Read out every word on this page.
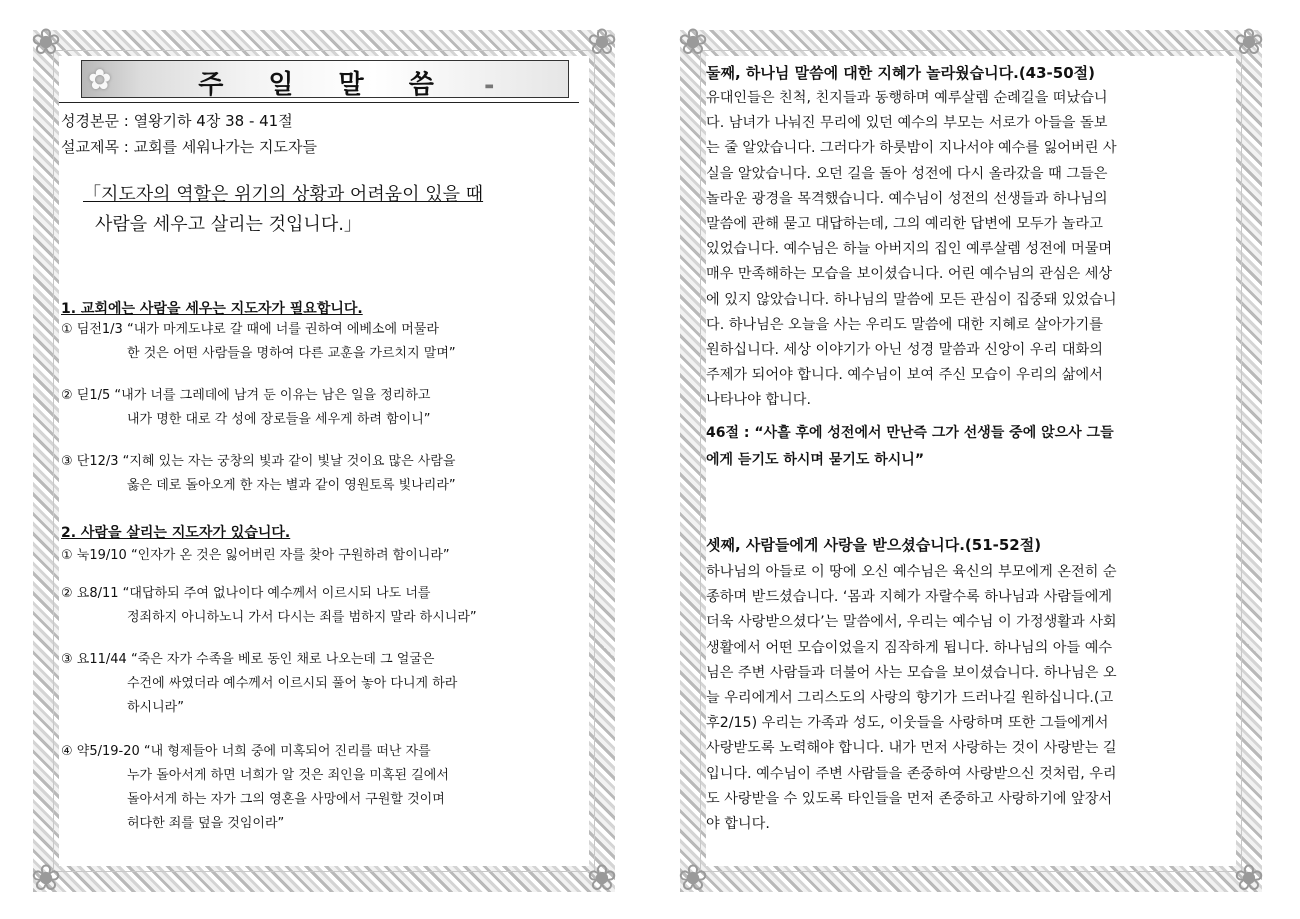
❀	❀
❀	❀
✿	주 일 말 씀	▬
성경본문 : 열왕기하 4장 38 - 41절
설교제목 : 교회를 세워나가는 지도자들
「지도자의 역할은 위기의 상황과 어려움이 있을 때
사람을 세우고 살리는 것입니다.」
1. 교회에는 사람을 세우는 지도자가 필요합니다.
① 딤전1/3 “내가 마게도냐로 갈 때에 너를 권하여 에베소에 머물라
한 것은 어떤 사람들을 명하여 다른 교훈을 가르치지 말며”
② 딛1/5 “내가 너를 그레데에 남겨 둔 이유는 남은 일을 정리하고
내가 명한 대로 각 성에 장로들을 세우게 하려 함이니”
③ 단12/3 “지혜 있는 자는 궁창의 빛과 같이 빛날 것이요 많은 사람을
옳은 데로 돌아오게 한 자는 별과 같이 영원토록 빛나리라”
2. 사람을 살리는 지도자가 있습니다.
① 눅19/10 “인자가 온 것은 잃어버린 자를 찾아 구원하려 함이니라”
② 요8/11 “대답하되 주여 없나이다 예수께서 이르시되 나도 너를
정죄하지 아니하노니 가서 다시는 죄를 범하지 말라 하시니라”
③ 요11/44 “죽은 자가 수족을 베로 동인 채로 나오는데 그 얼굴은
수건에 싸였더라 예수께서 이르시되 풀어 놓아 다니게 하라
하시니라”
④ 약5/19-20 “내 형제들아 너희 중에 미혹되어 진리를 떠난 자를
누가 돌아서게 하면 너희가 알 것은 죄인을 미혹된 길에서
돌아서게 하는 자가 그의 영혼을 사망에서 구원할 것이며
허다한 죄를 덮을 것임이라”
❀	❀
❀	❀
둘째, 하나님 말씀에 대한 지혜가 놀라웠습니다.(43-50절)
유대인들은 친척, 친지들과 동행하며 예루살렘 순례길을 떠났습니
다. 남녀가 나눠진 무리에 있던 예수의 부모는 서로가 아들을 돌보
는 줄 알았습니다. 그러다가 하룻밤이 지나서야 예수를 잃어버린 사
실을 알았습니다. 오던 길을 돌아 성전에 다시 올라갔을 때 그들은
놀라운 광경을 목격했습니다. 예수님이 성전의 선생들과 하나님의
말씀에 관해 묻고 대답하는데, 그의 예리한 답변에 모두가 놀라고
있었습니다. 예수님은 하늘 아버지의 집인 예루살렘 성전에 머물며
매우 만족해하는 모습을 보이셨습니다. 어린 예수님의 관심은 세상
에 있지 않았습니다. 하나님의 말씀에 모든 관심이 집중돼 있었습니
다. 하나님은 오늘을 사는 우리도 말씀에 대한 지혜로 살아가기를
원하십니다. 세상 이야기가 아닌 성경 말씀과 신앙이 우리 대화의
주제가 되어야 합니다. 예수님이 보여 주신 모습이 우리의 삶에서
나타나야 합니다.
46절 : “사흘 후에 성전에서 만난즉 그가 선생들 중에 앉으사 그들
에게 듣기도 하시며 묻기도 하시니”
셋째, 사람들에게 사랑을 받으셨습니다.(51-52절)
하나님의 아들로 이 땅에 오신 예수님은 육신의 부모에게 온전히 순
종하며 받드셨습니다. ‘몸과 지혜가 자랄수록 하나님과 사람들에게
더욱 사랑받으셨다’는 말씀에서, 우리는 예수님 이 가정생활과 사회
생활에서 어떤 모습이었을지 짐작하게 됩니다. 하나님의 아들 예수
님은 주변 사람들과 더불어 사는 모습을 보이셨습니다. 하나님은 오
늘 우리에게서 그리스도의 사랑의 향기가 드러나길 원하십니다.(고
후2/15) 우리는 가족과 성도, 이웃들을 사랑하며 또한 그들에게서
사랑받도록 노력해야 합니다. 내가 먼저 사랑하는 것이 사랑받는 길
입니다. 예수님이 주변 사람들을 존중하여 사랑받으신 것처럼, 우리
도 사랑받을 수 있도록 타인들을 먼저 존중하고 사랑하기에 앞장서
야 합니다.
